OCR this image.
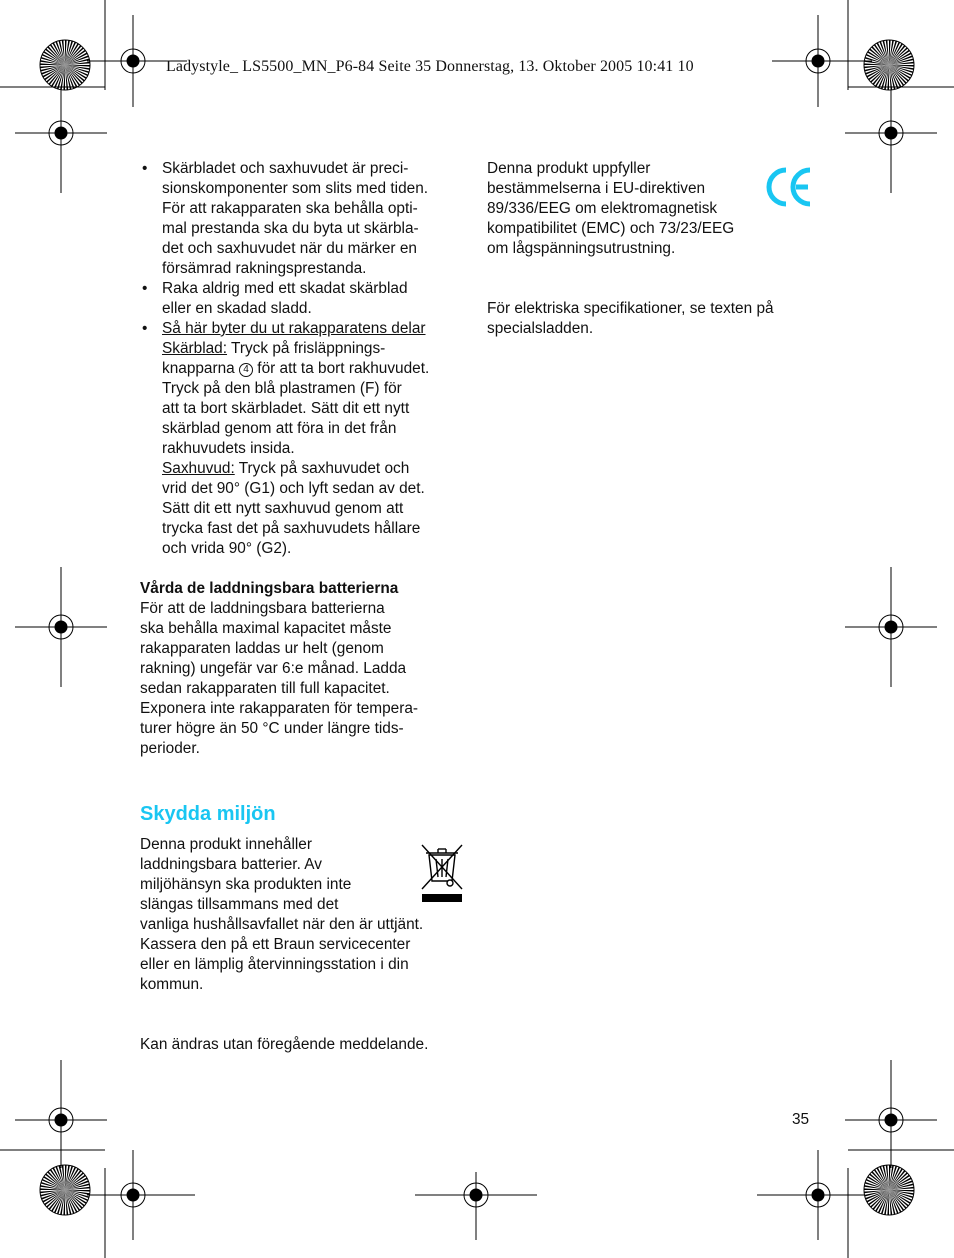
Ladystyle_ LS5500_MN_P6-84 Seite 35 Donnerstag, 13. Oktober 2005 10:41 10
• Skärbladet och saxhuvudet är preci-
sionskomponenter som slits med tiden.
För att rakapparaten ska behålla opti-
mal prestanda ska du byta ut skärbla-
det och saxhuvudet när du märker en
försämrad rakningsprestanda.
• Raka aldrig med ett skadat skärblad
eller en skadad sladd.
• Så här byter du ut rakapparatens delar
Skärblad: Tryck på frisläppnings-
knapparna 4 för att ta bort rakhuvudet.
Tryck på den blå plastramen (F) för
att ta bort skärbladet. Sätt dit ett nytt
skärblad genom att föra in det från
rakhuvudets insida.
Saxhuvud: Tryck på saxhuvudet och
vrid det 90° (G1) och lyft sedan av det.
Sätt dit ett nytt saxhuvud genom att
trycka fast det på saxhuvudets hållare
och vrida 90° (G2).
Vårda de laddningsbara batterierna
För att de laddningsbara batterierna
ska behålla maximal kapacitet måste
rakapparaten laddas ur helt (genom
rakning) ungefär var 6:e månad. Ladda
sedan rakapparaten till full kapacitet.
Exponera inte rakapparaten för tempera-
turer högre än 50 °C under längre tids-
perioder.
Skydda miljön
Denna produkt innehåller
laddningsbara batterier. Av
miljöhänsyn ska produkten inte
slängas tillsammans med det
vanliga hushållsavfallet när den är uttjänt.
Kassera den på ett Braun servicecenter
eller en lämplig återvinningsstation i din
kommun.
Kan ändras utan föregående meddelande.
Denna produkt uppfyller
bestämmelserna i EU-direktiven
89/336/EEG om elektromagnetisk
kompatibilitet (EMC) och 73/23/EEG
om lågspänningsutrustning.
För elektriska specifikationer, se texten på
specialsladden.
35
